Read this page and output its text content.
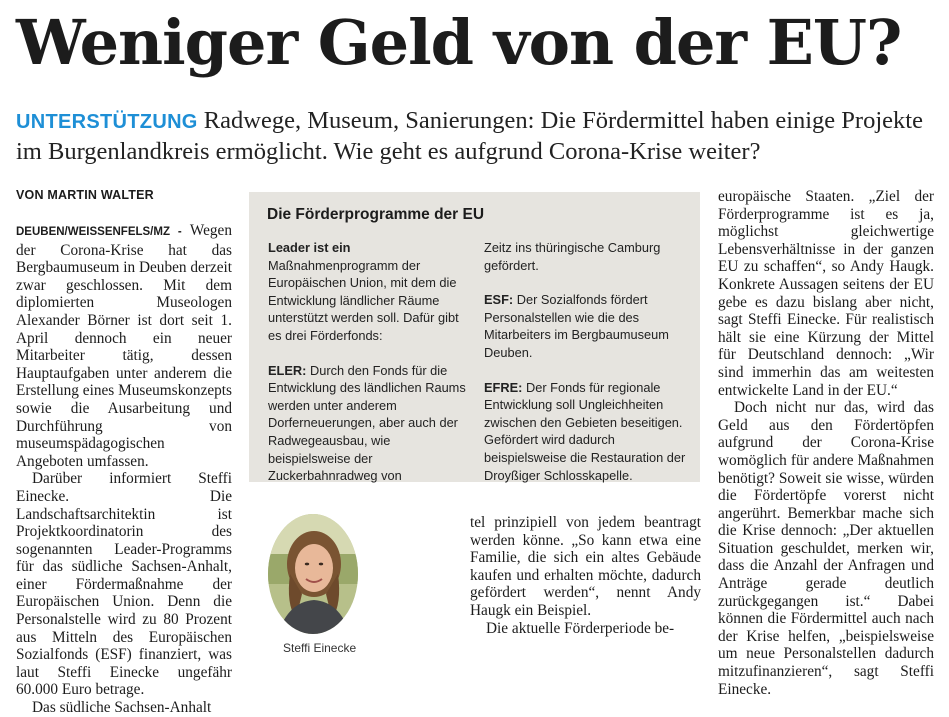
Weniger Geld von der EU?
UNTERSTÜTZUNG Radwege, Museum, Sanierungen: Die Fördermittel haben einige Projekte im Burgenlandkreis ermöglicht. Wie geht es aufgrund Corona-Krise weiter?
VON MARTIN WALTER

DEUBEN/WEISSENFELS/MZ - Wegen der Corona-Krise hat das Bergbaumuseum in Deuben derzeit zwar geschlossen. Mit dem diplomierten Museologen Alexander Börner ist dort seit 1. April dennoch ein neuer Mitarbeiter tätig, dessen Hauptaufgaben unter anderem die Erstellung eines Museumskonzepts sowie die Ausarbeitung und Durchführung von museumspädagogischen Angeboten umfassen.

Darüber informiert Steffi Einecke. Die Landschaftsarchitektin ist Projektkoordinatorin des sogenannten Leader-Programms für das südliche Sachsen-Anhalt, einer Fördermaßnahme der Europäischen Union. Denn die Personalstelle wird zu 80 Prozent aus Mitteln des Europäischen Sozialfonds (ESF) finanziert, was laut Steffi Einecke ungefähr 60.000 Euro betrage.

Das südliche Sachsen-Anhalt

Die Förderprogramme der EU

Leader ist ein Maßnahmenprogramm der Europäischen Union, mit dem die Entwicklung ländlicher Räume unterstützt werden soll. Dafür gibt es drei Förderfonds:

ELER: Durch den Fonds für die Entwicklung des ländlichen Raums werden unter anderem Dorferneuerungen, aber auch der Radwegeausbau, wie beispielsweise der Zuckerbahnradweg von

Zeitz ins thüringische Camburg gefördert.

ESF: Der Sozialfonds fördert Personalstellen wie die des Mitarbeiters im Bergbaumuseum Deuben.

EFRE: Der Fonds für regionale Entwicklung soll Ungleichheiten zwischen den Gebieten beseitigen. Gefördert wird dadurch beispielsweise die Restauration der Droyßiger Schlosskapelle.

Steffi Einecke

tel prinzipiell von jedem beantragt werden könne. „So kann etwa eine Familie, die sich ein altes Gebäude kaufen und erhalten möchte, dadurch gefördert werden“, nennt Andy Haugk ein Beispiel.

Die aktuelle Förderperiode be-

europäische Staaten. „Ziel der Förderprogramme ist es ja, möglichst gleichwertige Lebensverhältnisse in der ganzen EU zu schaffen“, so Andy Haugk. Konkrete Aussagen seitens der EU gebe es dazu bislang aber nicht, sagt Steffi Einecke. Für realistisch hält sie eine Kürzung der Mittel für Deutschland dennoch: „Wir sind immerhin das am weitesten entwickelte Land in der EU.“

Doch nicht nur das, wird das Geld aus den Fördertöpfen aufgrund der Corona-Krise womöglich für andere Maßnahmen benötigt? Soweit sie wisse, würden die Fördertöpfe vorerst nicht angerührt. Bemerkbar mache sich die Krise dennoch: „Der aktuellen Situation geschuldet, merken wir, dass die Anzahl der Anfragen und Anträge gerade deutlich zurückgegangen ist.“ Dabei können die Fördermittel auch nach der Krise helfen, „beispielsweise um neue Personalstellen dadurch mitzufinanzieren“, sagt Steffi Einecke.
